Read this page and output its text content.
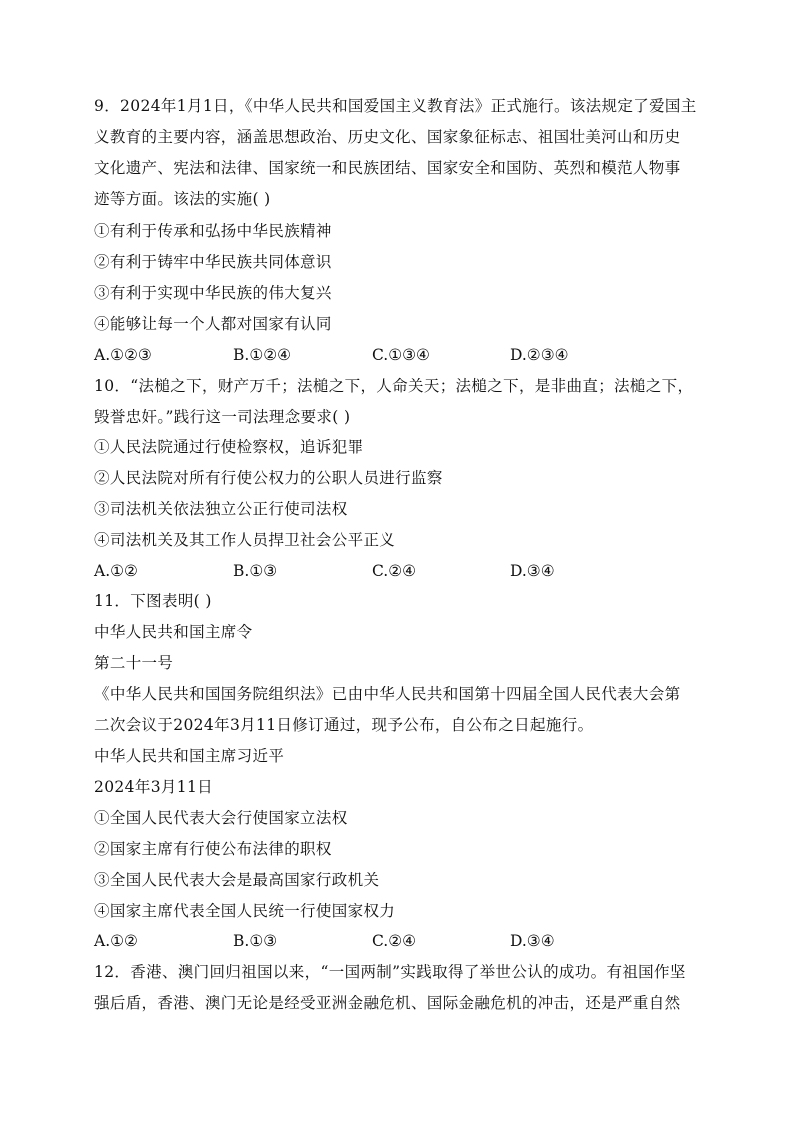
9．2024年1月1日，《中华人民共和国爱国主义教育法》正式施行。该法规定了爱国主
义教育的主要内容，涵盖思想政治、历史文化、国家象征标志、祖国壮美河山和历史
文化遗产、宪法和法律、国家统一和民族团结、国家安全和国防、英烈和模范人物事
迹等方面。该法的实施( )
①有利于传承和弘扬中华民族精神
②有利于铸牢中华民族共同体意识
③有利于实现中华民族的伟大复兴
④能够让每一个人都对国家有认同
A.①②③	B.①②④	C.①③④	D.②③④
10．“法槌之下，财产万千；法槌之下，人命关天；法槌之下，是非曲直；法槌之下，
毁誉忠奸。”践行这一司法理念要求( )
①人民法院通过行使检察权，追诉犯罪
②人民法院对所有行使公权力的公职人员进行监察
③司法机关依法独立公正行使司法权
④司法机关及其工作人员捍卫社会公平正义
A.①②	B.①③	C.②④	D.③④
11．下图表明( )
中华人民共和国主席令
第二十一号
《中华人民共和国国务院组织法》已由中华人民共和国第十四届全国人民代表大会第
二次会议于2024年3月11日修订通过，现予公布，自公布之日起施行。
中华人民共和国主席习近平
2024年3月11日
①全国人民代表大会行使国家立法权
②国家主席有行使公布法律的职权
③全国人民代表大会是最高国家行政机关
④国家主席代表全国人民统一行使国家权力
A.①②	B.①③	C.②④	D.③④
12．香港、澳门回归祖国以来，“一国两制”实践取得了举世公认的成功。有祖国作坚
强后盾，香港、澳门无论是经受亚洲金融危机、国际金融危机的冲击，还是严重自然
